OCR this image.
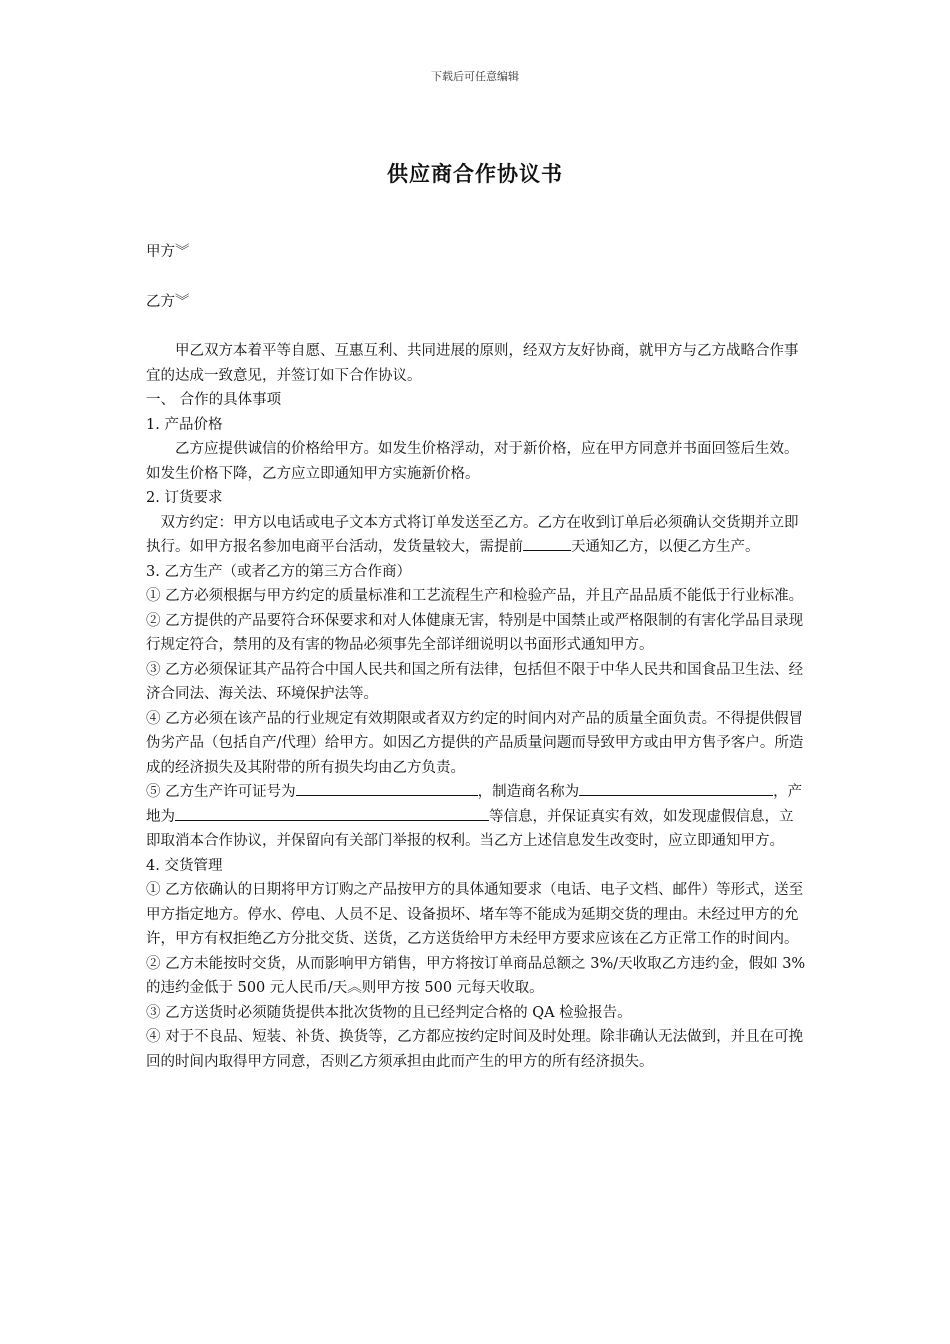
下载后可任意编辑
供应商合作协议书
甲方︾
乙方︾

甲乙双方本着平等自愿、互惠互利、共同进展的原则，经双方友好协商，就甲方与乙方战略合作事宜的达成一致意见，并签订如下合作协议。

一、 合作的具体事项

1. 产品价格

乙方应提供诚信的价格给甲方。如发生价格浮动，对于新价格，应在甲方同意并书面回签后生效。如发生价格下降，乙方应立即通知甲方实施新价格。

2. 订货要求

双方约定：甲方以电话或电子文本方式将订单发送至乙方。乙方在收到订单后必须确认交货期并立即执行。如甲方报名参加电商平台活动，发货量较大，需提前	天通知乙方，以便乙方生产。

3. 乙方生产（或者乙方的第三方合作商）

① 乙方必须根据与甲方约定的质量标准和工艺流程生产和检验产品，并且产品品质不能低于行业标准。

② 乙方提供的产品要符合环保要求和对人体健康无害，特别是中国禁止或严格限制的有害化学品目录现行规定符合，禁用的及有害的物品必须事先全部详细说明以书面形式通知甲方。

③ 乙方必须保证其产品符合中国人民共和国之所有法律，包括但不限于中华人民共和国食品卫生法、经济合同法、海关法、环境保护法等。

④ 乙方必须在该产品的行业规定有效期限或者双方约定的时间内对产品的质量全面负责。不得提供假冒伪劣产品（包括自产/代理）给甲方。如因乙方提供的产品质量问题而导致甲方或由甲方售予客户。所造成的经济损失及其附带的所有损失均由乙方负责。

⑤ 乙方生产许可证号为	，制造商名称为	，产地为	等信息，并保证真实有效，如发现虚假信息，立即取消本合作协议，并保留向有关部门举报的权利。当乙方上述信息发生改变时，应立即通知甲方。

4. 交货管理

① 乙方依确认的日期将甲方订购之产品按甲方的具体通知要求（电话、电子文档、邮件）等形式，送至甲方指定地方。停水、停电、人员不足、设备损坏、堵车等不能成为延期交货的理由。未经过甲方的允许，甲方有权拒绝乙方分批交货、送货，乙方送货给甲方未经甲方要求应该在乙方正常工作的时间内。

② 乙方未能按时交货，从而影响甲方销售，甲方将按订单商品总额之 3%/天收取乙方违约金，假如 3%的违约金低于 500 元人民币/天︽则甲方按 500 元每天收取。

③ 乙方送货时必须随货提供本批次货物的且已经判定合格的 QA 检验报告。

④ 对于不良品、短装、补货、换货等，乙方都应按约定时间及时处理。除非确认无法做到，并且在可挽回的时间内取得甲方同意，否则乙方须承担由此而产生的甲方的所有经济损失。
